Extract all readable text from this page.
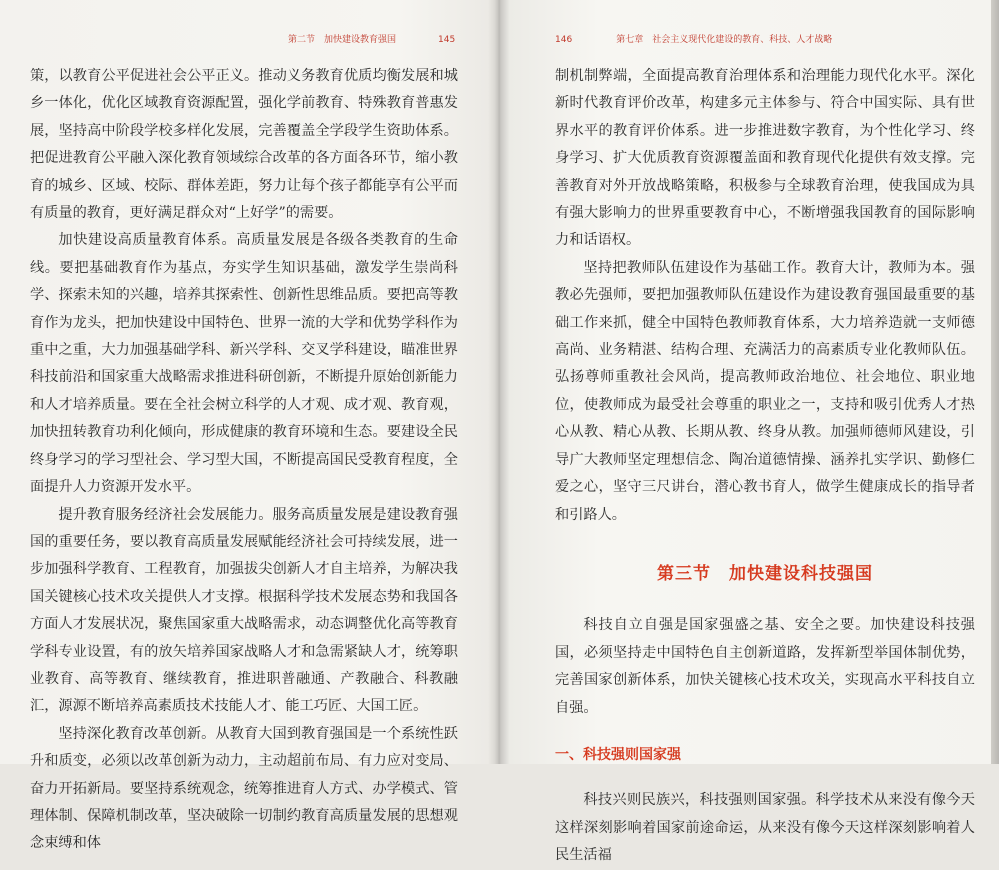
第二节　加快建设教育强国	145

策，以教育公平促进社会公平正义。推动义务教育优质均衡发展和城乡一体化，优化区域教育资源配置，强化学前教育、特殊教育普惠发展，坚持高中阶段学校多样化发展，完善覆盖全学段学生资助体系。把促进教育公平融入深化教育领域综合改革的各方面各环节，缩小教育的城乡、区域、校际、群体差距，努力让每个孩子都能享有公平而有质量的教育，更好满足群众对“上好学”的需要。

加快建设高质量教育体系。高质量发展是各级各类教育的生命线。要把基础教育作为基点，夯实学生知识基础，激发学生崇尚科学、探索未知的兴趣，培养其探索性、创新性思维品质。要把高等教育作为龙头，把加快建设中国特色、世界一流的大学和优势学科作为重中之重，大力加强基础学科、新兴学科、交叉学科建设，瞄准世界科技前沿和国家重大战略需求推进科研创新，不断提升原始创新能力和人才培养质量。要在全社会树立科学的人才观、成才观、教育观，加快扭转教育功利化倾向，形成健康的教育环境和生态。要建设全民终身学习的学习型社会、学习型大国，不断提高国民受教育程度，全面提升人力资源开发水平。

提升教育服务经济社会发展能力。服务高质量发展是建设教育强国的重要任务，要以教育高质量发展赋能经济社会可持续发展，进一步加强科学教育、工程教育，加强拔尖创新人才自主培养，为解决我国关键核心技术攻关提供人才支撑。根据科学技术发展态势和我国各方面人才发展状况，聚焦国家重大战略需求，动态调整优化高等教育学科专业设置，有的放矢培养国家战略人才和急需紧缺人才，统筹职业教育、高等教育、继续教育，推进职普融通、产教融合、科教融汇，源源不断培养高素质技术技能人才、能工巧匠、大国工匠。

坚持深化教育改革创新。从教育大国到教育强国是一个系统性跃升和质变，必须以改革创新为动力，主动超前布局、有力应对变局、奋力开拓新局。要坚持系统观念，统筹推进育人方式、办学模式、管理体制、保障机制改革，坚决破除一切制约教育高质量发展的思想观念束缚和体

146	第七章　社会主义现代化建设的教育、科技、人才战略

制机制弊端，全面提高教育治理体系和治理能力现代化水平。深化新时代教育评价改革，构建多元主体参与、符合中国实际、具有世界水平的教育评价体系。进一步推进数字教育，为个性化学习、终身学习、扩大优质教育资源覆盖面和教育现代化提供有效支撑。完善教育对外开放战略策略，积极参与全球教育治理，使我国成为具有强大影响力的世界重要教育中心，不断增强我国教育的国际影响力和话语权。

坚持把教师队伍建设作为基础工作。教育大计，教师为本。强教必先强师，要把加强教师队伍建设作为建设教育强国最重要的基础工作来抓，健全中国特色教师教育体系，大力培养造就一支师德高尚、业务精湛、结构合理、充满活力的高素质专业化教师队伍。弘扬尊师重教社会风尚，提高教师政治地位、社会地位、职业地位，使教师成为最受社会尊重的职业之一，支持和吸引优秀人才热心从教、精心从教、长期从教、终身从教。加强师德师风建设，引导广大教师坚定理想信念、陶冶道德情操、涵养扎实学识、勤修仁爱之心，坚守三尺讲台，潜心教书育人，做学生健康成长的指导者和引路人。

第三节　加快建设科技强国

科技自立自强是国家强盛之基、安全之要。加快建设科技强国，必须坚持走中国特色自主创新道路，发挥新型举国体制优势，完善国家创新体系，加快关键核心技术攻关，实现高水平科技自立自强。

一、科技强则国家强

科技兴则民族兴，科技强则国家强。科学技术从来没有像今天这样深刻影响着国家前途命运，从来没有像今天这样深刻影响着人民生活福
